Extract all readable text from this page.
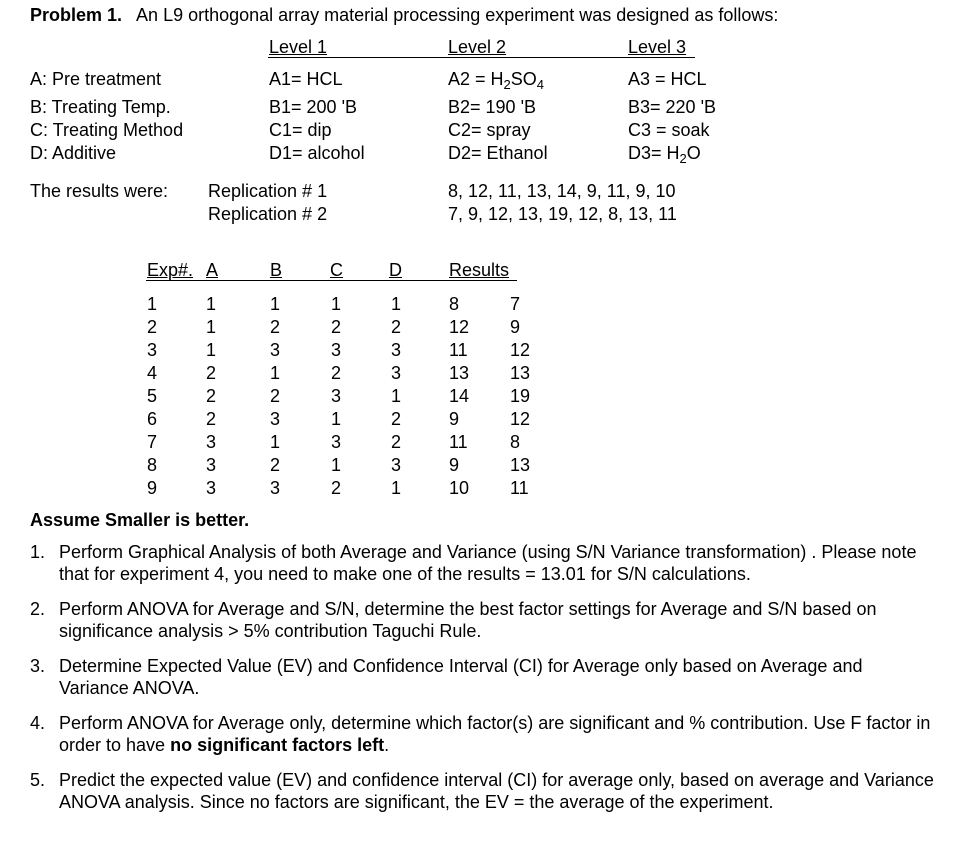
Problem 1. An L9 orthogonal array material processing experiment was designed as follows:
Level 1	Level 2	Level 3
A: Pre treatment	A1= HCL	$A2 = H_2SO_4$	A3 = HCL
B: Treating Temp.	B1= 200 'B	B2= 190 'B	B3= 220 'B
C: Treating Method	C1= dip	C2= spray	C3 = soak
D: Additive	D1= alcohol	D2= Ethanol	$D3= H_2O$
The results were: Replication # 1
Replication # 2
8, 12, 11, 13, 14, 9, 11, 9, 10
7, 9, 12, 13, 19, 12, 8, 13, 11
Exp#. A	B	C	D	Results
1	1	1	1	1	8	7
2	1	2	2	2	12 9
3	1	3	3	3	11 12
4	2	1	2	3	13 13
5	2	2	3	1	14 19
6	2	3	1	2	9	12
7	3	1	3	2	11 8
8	3	2	1	3	9	13
9	3	3	2	1	10 11
Assume Smaller is better.
1. Perform Graphical Analysis of both Average and Variance (using S/N Variance transformation) . Please note that for experiment 4, you need to make one of the results = 13.01 for S/N calculations.
2. Perform ANOVA for Average and S/N, determine the best factor settings for Average and S/N based on significance analysis > 5% contribution Taguchi Rule.
3. Determine Expected Value (EV) and Confidence Interval (CI) for Average only based on Average and Variance ANOVA.
4. Perform ANOVA for Average only, determine which factor(s) are significant and % contribution. Use F factor in order to have no significant factors left.
5. Predict the expected value (EV) and confidence interval (CI) for average only, based on average and Variance ANOVA analysis. Since no factors are significant, the EV = the average of the experiment.
